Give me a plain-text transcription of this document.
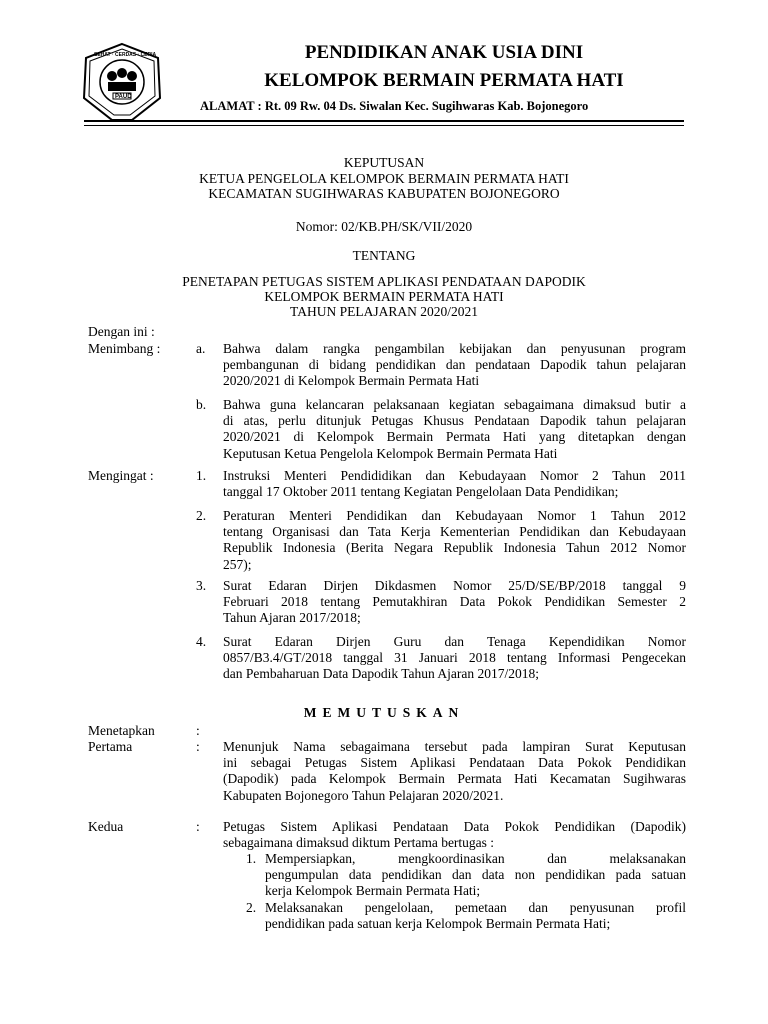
SEHAT · CERDAS · CERIA
PAUD
PENDIDIKAN ANAK USIA DINI
KELOMPOK BERMAIN PERMATA HATI
ALAMAT : Rt. 09 Rw. 04 Ds. Siwalan Kec. Sugihwaras Kab. Bojonegoro
KEPUTUSAN
KETUA PENGELOLA KELOMPOK BERMAIN PERMATA HATI
KECAMATAN SUGIHWARAS KABUPATEN BOJONEGORO
Nomor: 02/KB.PH/SK/VII/2020
TENTANG
PENETAPAN PETUGAS SISTEM APLIKASI PENDATAAN DAPODIK
KELOMPOK BERMAIN PERMATA HATI
TAHUN PELAJARAN 2020/2021
Dengan ini :
Menimbang :	a. Bahwa dalam rangka pengambilan kebijakan dan penyusunan program
pembangunan di bidang pendidikan dan pendataan Dapodik tahun pelajaran
2020/2021 di Kelompok Bermain Permata Hati
b. Bahwa guna kelancaran pelaksanaan kegiatan sebagaimana dimaksud butir a
di atas, perlu ditunjuk Petugas Khusus Pendataan Dapodik tahun pelajaran
2020/2021 di Kelompok Bermain Permata Hati yang ditetapkan dengan
Keputusan Ketua Pengelola Kelompok Bermain Permata Hati
Mengingat :	1. Instruksi Menteri Pendididikan dan Kebudayaan Nomor 2 Tahun 2011
tanggal 17 Oktober 2011 tentang Kegiatan Pengelolaan Data Pendidikan;
2. Peraturan Menteri Pendidikan dan Kebudayaan Nomor 1 Tahun 2012
tentang Organisasi dan Tata Kerja Kementerian Pendidikan dan Kebudayaan
Republik Indonesia (Berita Negara Republik Indonesia Tahun 2012 Nomor
257);
3. Surat Edaran Dirjen Dikdasmen Nomor 25/D/SE/BP/2018 tanggal 9
Februari 2018 tentang Pemutakhiran Data Pokok Pendidikan Semester 2
Tahun Ajaran 2017/2018;
4. Surat Edaran Dirjen Guru dan Tenaga Kependidikan Nomor
0857/B3.4/GT/2018 tanggal 31 Januari 2018 tentang Informasi Pengecekan
dan Pembaharuan Data Dapodik Tahun Ajaran 2017/2018;
MEMUTUSKAN
Menetapkan	:
Pertama	: Menunjuk Nama sebagaimana tersebut pada lampiran Surat Keputusan
ini sebagai Petugas Sistem Aplikasi Pendataan Data Pokok Pendidikan
(Dapodik) pada Kelompok Bermain Permata Hati Kecamatan Sugihwaras
Kabupaten Bojonegoro Tahun Pelajaran 2020/2021.
Kedua	: Petugas Sistem Aplikasi Pendataan Data Pokok Pendidikan (Dapodik)
sebagaimana dimaksud diktum Pertama bertugas :
1. Mempersiapkan, mengkoordinasikan dan melaksanakan
pengumpulan data pendidikan dan data non pendidikan pada satuan
kerja Kelompok Bermain Permata Hati;
2. Melaksanakan pengelolaan, pemetaan dan penyusunan profil
pendidikan pada satuan kerja Kelompok Bermain Permata Hati;
